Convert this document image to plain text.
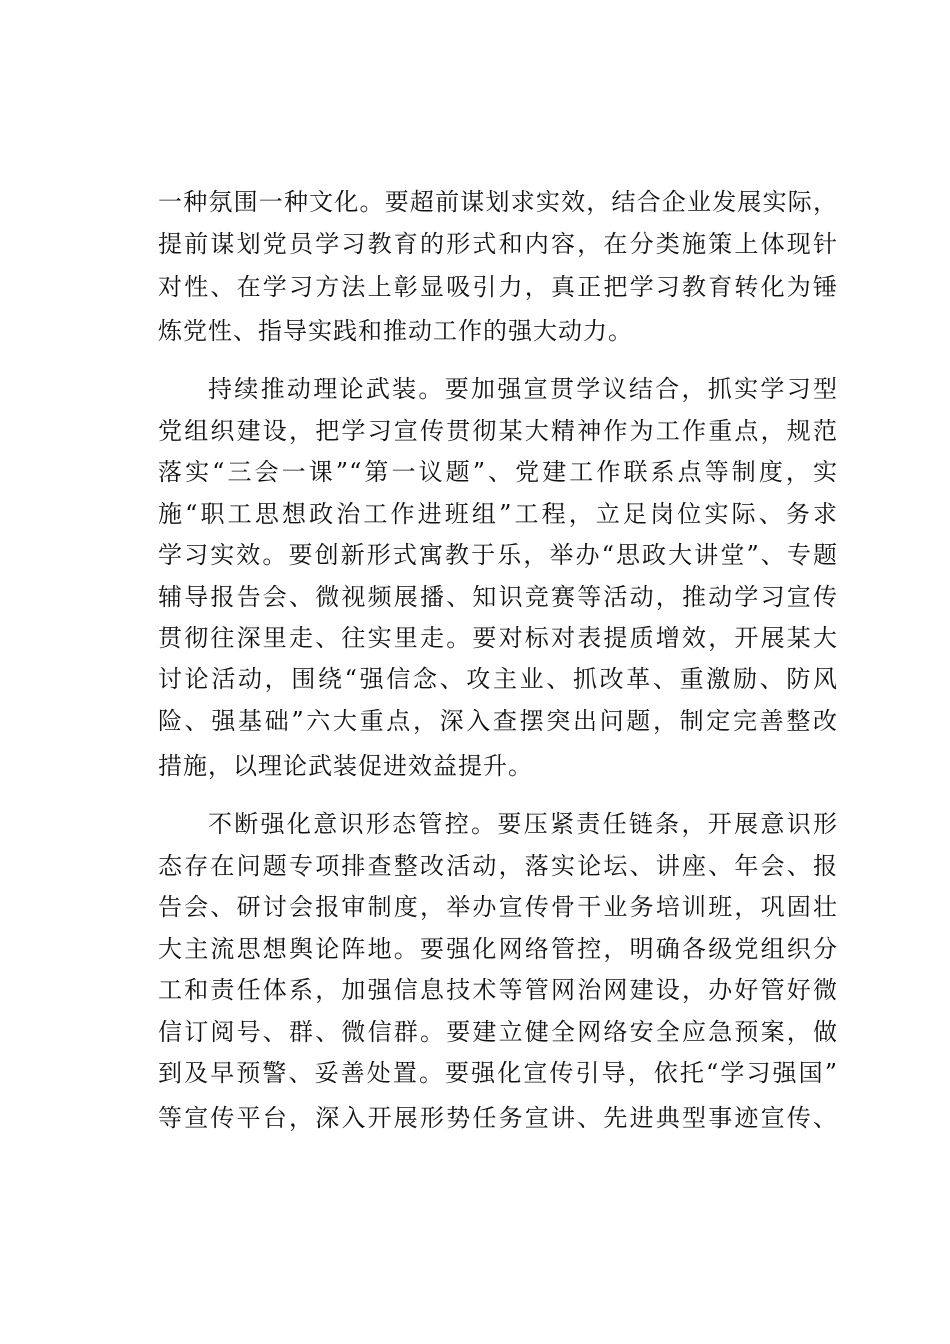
一种氛围一种文化。要超前谋划求实效，结合企业发展实际，
提前谋划党员学习教育的形式和内容，在分类施策上体现针
对性、在学习方法上彰显吸引力，真正把学习教育转化为锤
炼党性、指导实践和推动工作的强大动力。
持续推动理论武装。要加强宣贯学议结合，抓实学习型
党组织建设，把学习宣传贯彻某大精神作为工作重点，规范
落实“三会一课”“第一议题”、党建工作联系点等制度，实
施“职工思想政治工作进班组”工程，立足岗位实际、务求
学习实效。要创新形式寓教于乐，举办“思政大讲堂”、专题
辅导报告会、微视频展播、知识竞赛等活动，推动学习宣传
贯彻往深里走、往实里走。要对标对表提质增效，开展某大
讨论活动，围绕“强信念、攻主业、抓改革、重激励、防风
险、强基础”六大重点，深入查摆突出问题，制定完善整改
措施，以理论武装促进效益提升。
不断强化意识形态管控。要压紧责任链条，开展意识形
态存在问题专项排查整改活动，落实论坛、讲座、年会、报
告会、研讨会报审制度，举办宣传骨干业务培训班，巩固壮
大主流思想舆论阵地。要强化网络管控，明确各级党组织分
工和责任体系，加强信息技术等管网治网建设，办好管好微
信订阅号、群、微信群。要建立健全网络安全应急预案，做
到及早预警、妥善处置。要强化宣传引导，依托“学习强国”
等宣传平台，深入开展形势任务宣讲、先进典型事迹宣传、
